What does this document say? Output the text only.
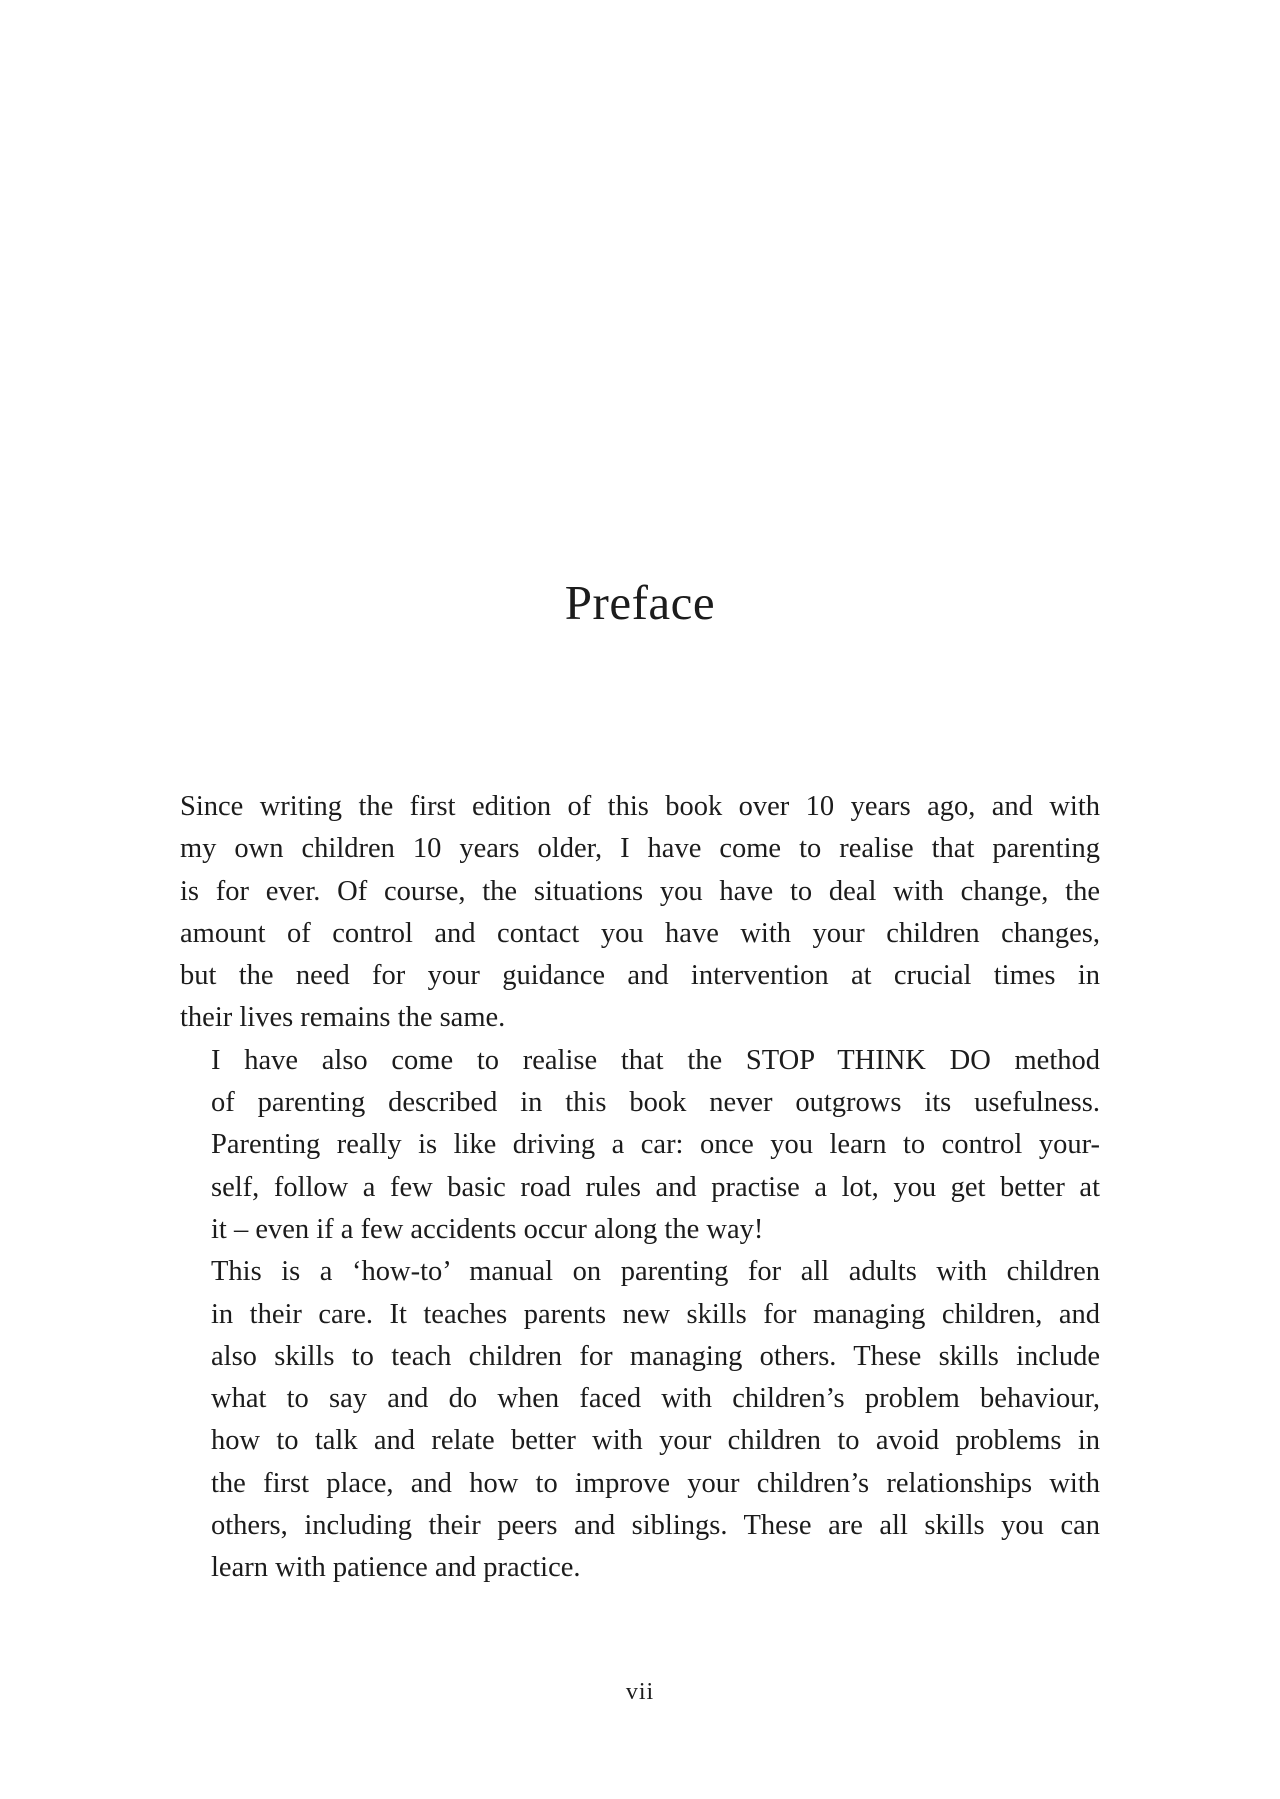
Preface

Since writing the first edition of this book over 10 years ago, and with
my own children 10 years older, I have come to realise that parenting
is for ever. Of course, the situations you have to deal with change, the
amount of control and contact you have with your children changes,
but the need for your guidance and intervention at crucial times in
their lives remains the same.

I have also come to realise that the STOP THINK DO method
of parenting described in this book never outgrows its usefulness.
Parenting really is like driving a car: once you learn to control your-
self, follow a few basic road rules and practise a lot, you get better at
it – even if a few accidents occur along the way!

This is a ‘how-to’ manual on parenting for all adults with children
in their care. It teaches parents new skills for managing children, and
also skills to teach children for managing others. These skills include
what to say and do when faced with children’s problem behaviour,
how to talk and relate better with your children to avoid problems in
the first place, and how to improve your children’s relationships with
others, including their peers and siblings. These are all skills you can
learn with patience and practice.

vii
